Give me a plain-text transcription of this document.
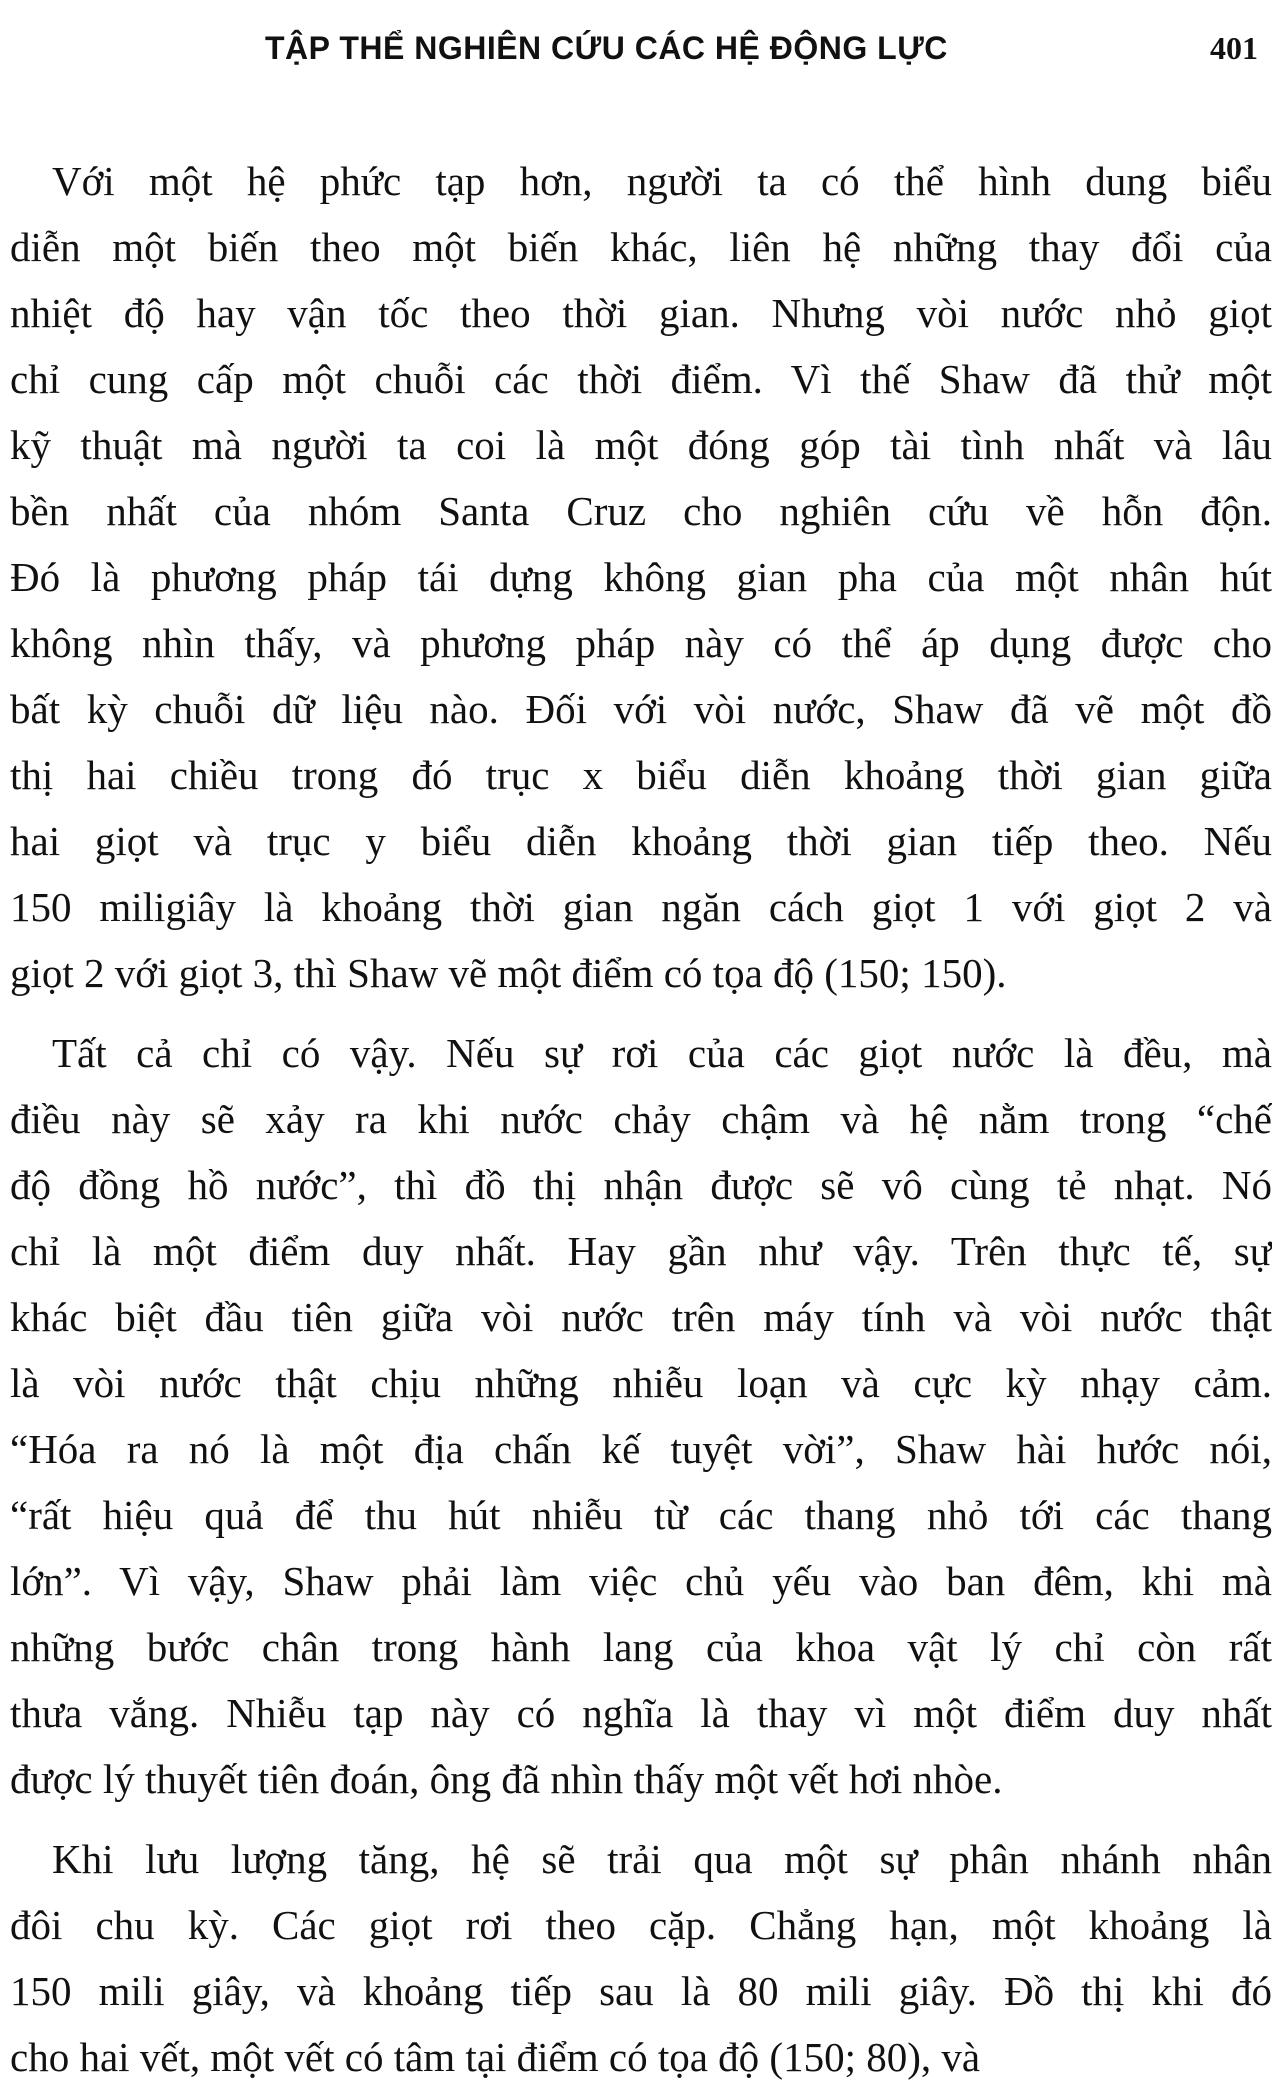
TẬP THỂ NGHIÊN CỨU CÁC HỆ ĐỘNG LỰC	401

Với một hệ phức tạp hơn, người ta có thể hình dung biểu
diễn một biến theo một biến khác, liên hệ những thay đổi của
nhiệt độ hay vận tốc theo thời gian. Nhưng vòi nước nhỏ giọt
chỉ cung cấp một chuỗi các thời điểm. Vì thế Shaw đã thử một
kỹ thuật mà người ta coi là một đóng góp tài tình nhất và lâu
bền nhất của nhóm Santa Cruz cho nghiên cứu về hỗn độn.
Đó là phương pháp tái dựng không gian pha của một nhân hút
không nhìn thấy, và phương pháp này có thể áp dụng được cho
bất kỳ chuỗi dữ liệu nào. Đối với vòi nước, Shaw đã vẽ một đồ
thị hai chiều trong đó trục x biểu diễn khoảng thời gian giữa
hai giọt và trục y biểu diễn khoảng thời gian tiếp theo. Nếu
150 miligiây là khoảng thời gian ngăn cách giọt 1 với giọt 2 và
giọt 2 với giọt 3, thì Shaw vẽ một điểm có tọa độ (150; 150).

Tất cả chỉ có vậy. Nếu sự rơi của các giọt nước là đều, mà
điều này sẽ xảy ra khi nước chảy chậm và hệ nằm trong “chế
độ đồng hồ nước”, thì đồ thị nhận được sẽ vô cùng tẻ nhạt. Nó
chỉ là một điểm duy nhất. Hay gần như vậy. Trên thực tế, sự
khác biệt đầu tiên giữa vòi nước trên máy tính và vòi nước thật
là vòi nước thật chịu những nhiễu loạn và cực kỳ nhạy cảm.
“Hóa ra nó là một địa chấn kế tuyệt vời”, Shaw hài hước nói,
“rất hiệu quả để thu hút nhiễu từ các thang nhỏ tới các thang
lớn”. Vì vậy, Shaw phải làm việc chủ yếu vào ban đêm, khi mà
những bước chân trong hành lang của khoa vật lý chỉ còn rất
thưa vắng. Nhiễu tạp này có nghĩa là thay vì một điểm duy nhất
được lý thuyết tiên đoán, ông đã nhìn thấy một vết hơi nhòe.

Khi lưu lượng tăng, hệ sẽ trải qua một sự phân nhánh nhân
đôi chu kỳ. Các giọt rơi theo cặp. Chẳng hạn, một khoảng là
150 mili giây, và khoảng tiếp sau là 80 mili giây. Đồ thị khi đó
cho hai vết, một vết có tâm tại điểm có tọa độ (150; 80), và
